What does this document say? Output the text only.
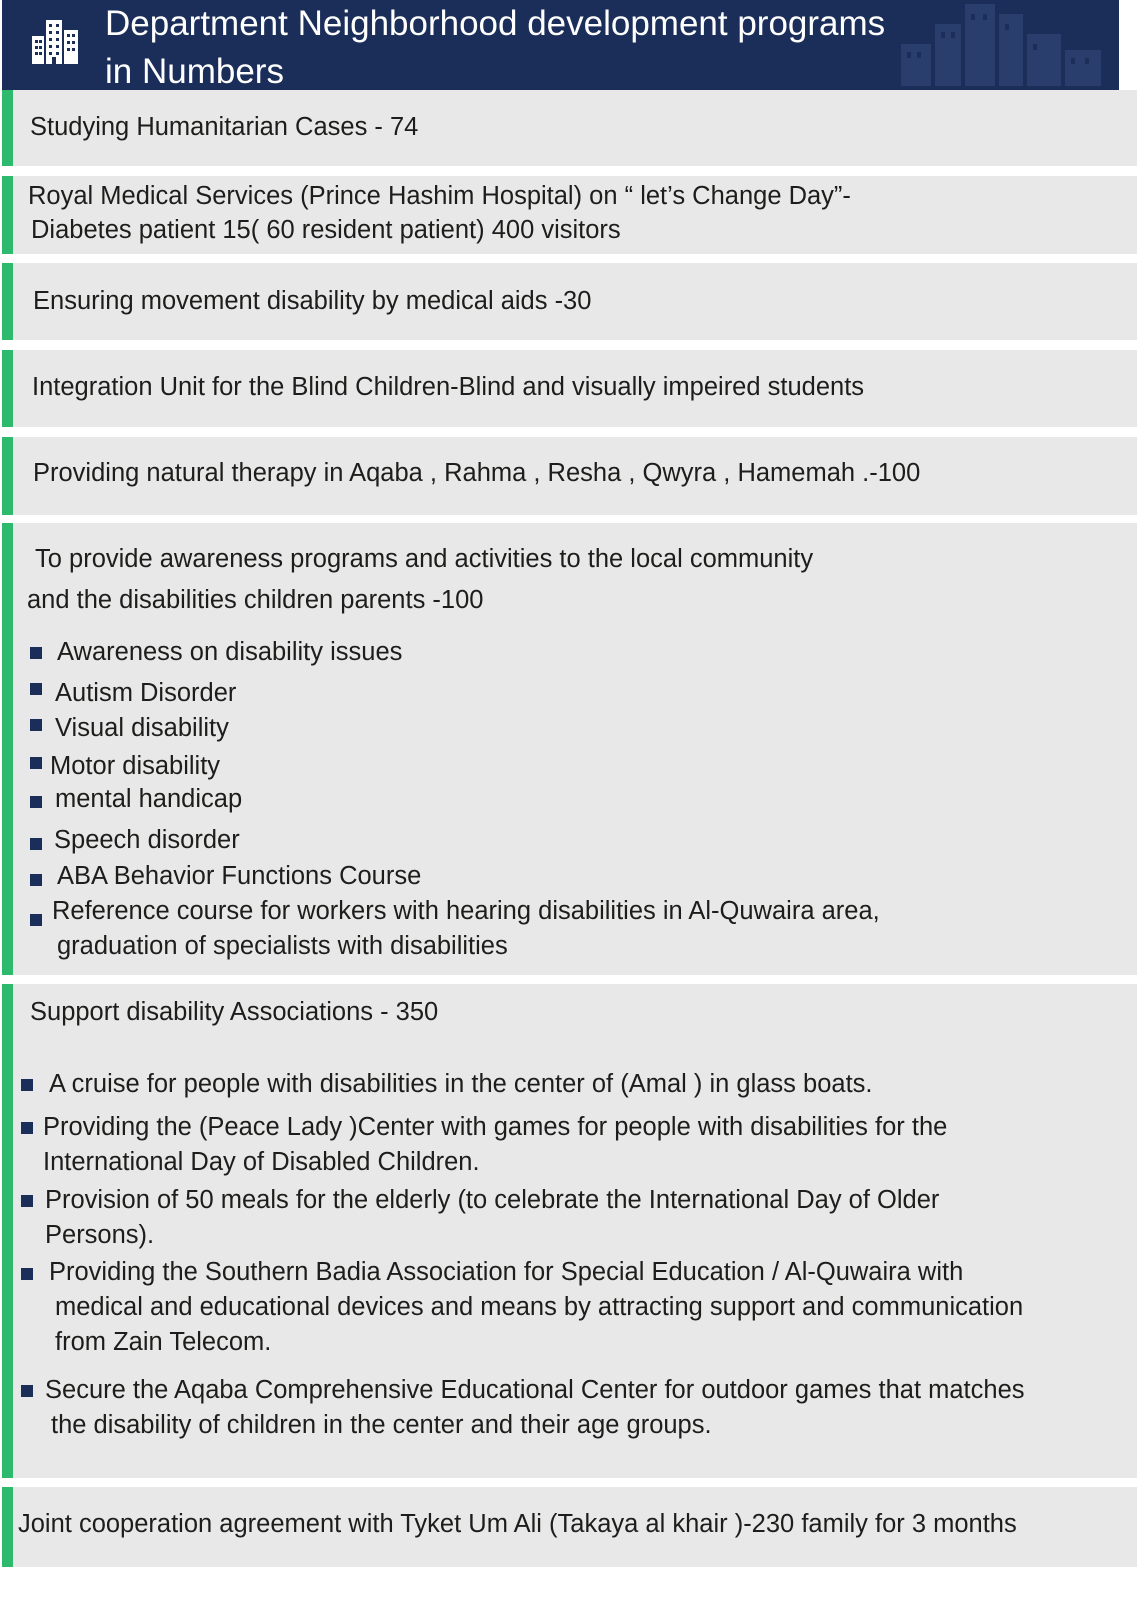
Department Neighborhood development programs
in Numbers
Studying Humanitarian Cases - 74
Royal Medical Services (Prince Hashim Hospital) on “ let’s Change Day”-
Diabetes patient 15( 60 resident patient) 400 visitors
Ensuring movement disability by medical aids -30
Integration Unit for the Blind Children-Blind and visually impeired students
Providing natural therapy in Aqaba , Rahma , Resha , Qwyra , Hamemah .-100
To provide awareness programs and activities to the local community
and the disabilities children parents -100
Awareness on disability issues
Autism Disorder
Visual disability
Motor disability
mental handicap
Speech disorder
ABA Behavior Functions Course
Reference course for workers with hearing disabilities in Al-Quwaira area,
graduation of specialists with disabilities
Support disability Associations - 350
A cruise for people with disabilities in the center of (Amal ) in glass boats.
Providing the (Peace Lady )Center with games for people with disabilities for the
International Day of Disabled Children.
Provision of 50 meals for the elderly (to celebrate the International Day of Older
Persons).
Providing the Southern Badia Association for Special Education / Al-Quwaira with
medical and educational devices and means by attracting support and communication
from Zain Telecom.
Secure the Aqaba Comprehensive Educational Center for outdoor games that matches
the disability of children in the center and their age groups.
Joint cooperation agreement with Tyket Um Ali (Takaya al khair )-230 family for 3 months
